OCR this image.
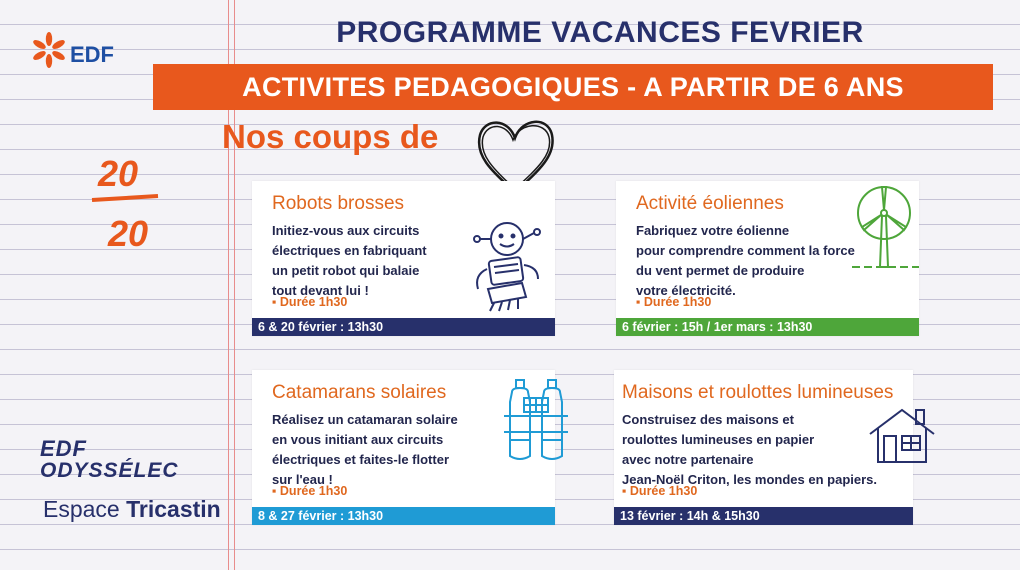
EDF
PROGRAMME VACANCES FEVRIER
ACTIVITES PEDAGOGIQUES - A PARTIR DE 6 ANS
Nos coups de
20
20
Robots brosses
Initiez-vous aux circuits
électriques en fabriquant
un petit robot qui balaie
tout devant lui !
▪ Durée 1h30
6 & 20 février : 13h30
Activité éoliennes
Fabriquez votre éolienne
pour comprendre comment la force
du vent permet de produire
votre électricité.
▪ Durée 1h30
6 février : 15h / 1er mars : 13h30
Catamarans solaires
Réalisez un catamaran solaire
en vous initiant aux circuits
électriques et faites-le flotter
sur l'eau !
▪ Durée 1h30
8 & 27 février : 13h30
Maisons et roulottes lumineuses
Construisez des maisons et
roulottes lumineuses en papier
avec notre partenaire
Jean-Noël Criton, les mondes en papiers.
▪ Durée 1h30
13 février : 14h & 15h30
EDF
ODYSSÉLEC
Espace Tricastin
